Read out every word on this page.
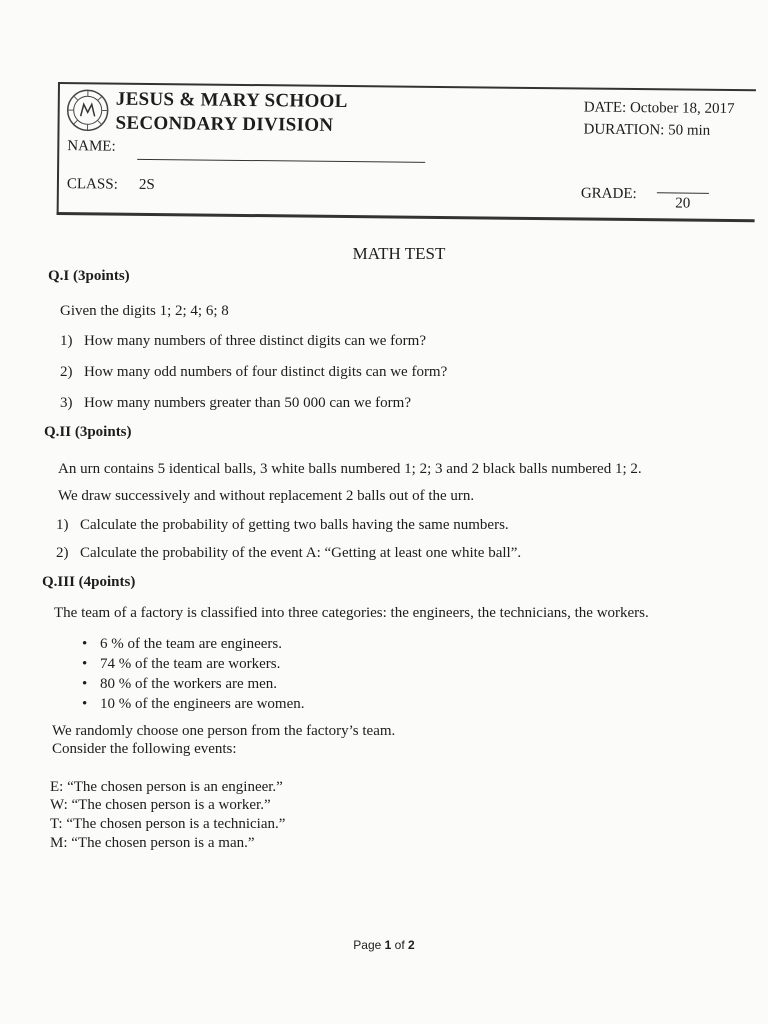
JESUS & MARY SCHOOL
SECONDARY DIVISION
NAME:
CLASS: 2S
DATE: October 18, 2017
DURATION: 50 min
GRADE:
20
MATH TEST
Q.I (3points)
Given the digits 1; 2; 4; 6; 8
1) How many numbers of three distinct digits can we form?
2) How many odd numbers of four distinct digits can we form?
3) How many numbers greater than 50 000 can we form?
Q.II (3points)
An urn contains 5 identical balls, 3 white balls numbered 1; 2; 3 and 2 black balls numbered 1; 2.
We draw successively and without replacement 2 balls out of the urn.
1) Calculate the probability of getting two balls having the same numbers.
2) Calculate the probability of the event A: “Getting at least one white ball”.
Q.III (4points)
The team of a factory is classified into three categories: the engineers, the technicians, the workers.
• 6 % of the team are engineers.
• 74 % of the team are workers.
• 80 % of the workers are men.
• 10 % of the engineers are women.
We randomly choose one person from the factory’s team.
Consider the following events:
E: “The chosen person is an engineer.”
W: “The chosen person is a worker.”
T: “The chosen person is a technician.”
M: “The chosen person is a man.”
Page 1 of 2
